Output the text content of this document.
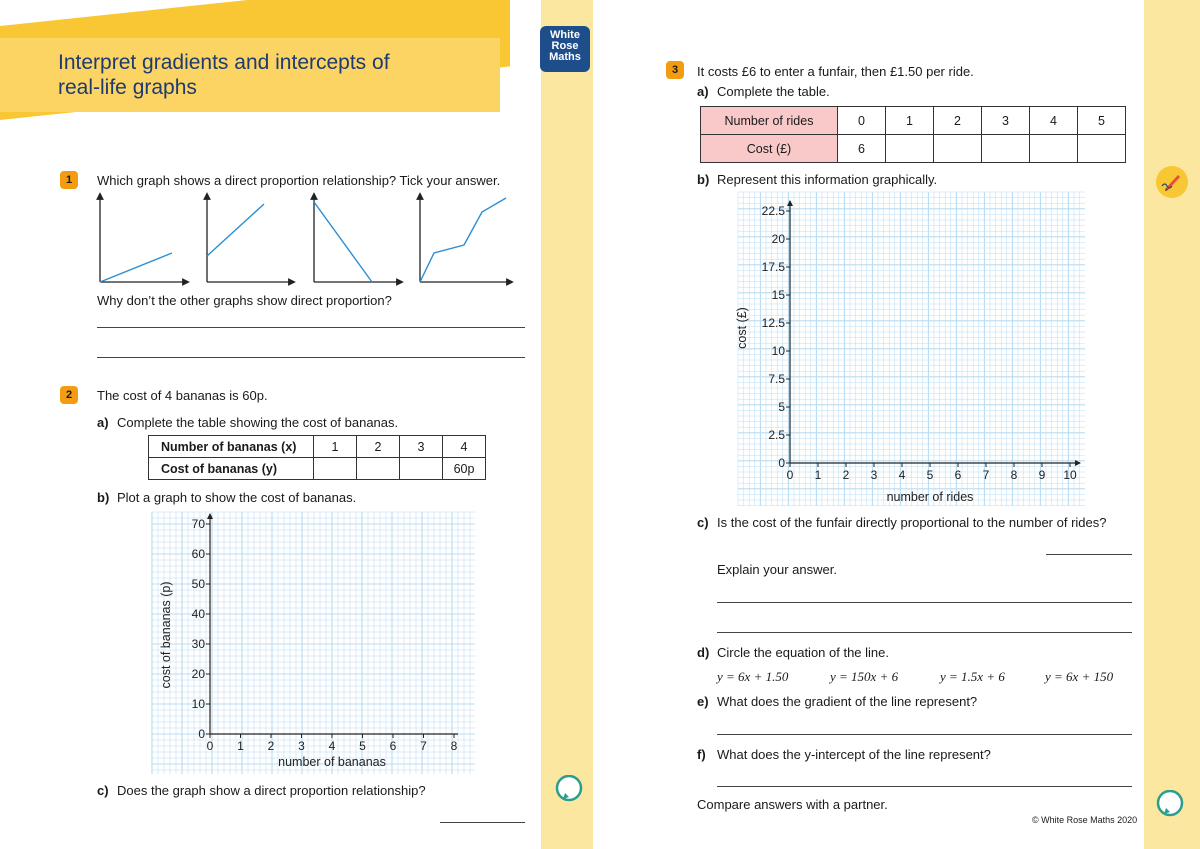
Interpret gradients and intercepts of
real-life graphs
White
Rose
Maths
1	Which graph shows a direct proportion relationship? Tick your answer.
Why don’t the other graphs show direct proportion?
2	The cost of 4 bananas is 60p.
a) Complete the table showing the cost of bananas.
Number of bananas (x)	1	2	3	4
Cost of bananas (y)				60p
b) Plot a graph to show the cost of bananas.
0 1 2 3 4 5 6 7 8
0
10
20
30
40
50
60
70
number of bananas
cost of bananas (p)
c) Does the graph show a direct proportion relationship?
3	It costs £6 to enter a funfair, then £1.50 per ride.
a) Complete the table.
Number of rides	0	1	2	3	4	5
Cost (£)	6					
b) Represent this information graphically.
0 1 2 3 4 5 6 7 8 9 10
0
2.5
5
7.5
10
12.5
15
17.5
20
22.5
number of rides
cost (£)
c) Is the cost of the funfair directly proportional to the number of rides?
Explain your answer.
d) Circle the equation of the line.
y = 6x + 1.50	y = 150x + 6	y = 1.5x + 6	y = 6x + 150
e) What does the gradient of the line represent?
f) What does the y-intercept of the line represent?
Compare answers with a partner.
© White Rose Maths 2020
